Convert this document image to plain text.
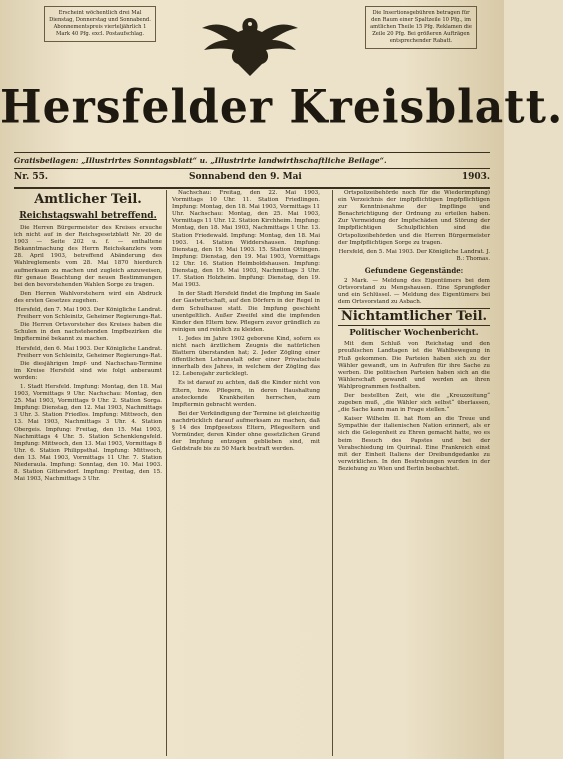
Erscheint wöchentlich drei Mal Dienstag, Donnerstag und Sonnabend. Abonnementspreis vierteljährlich 1 Mark 40 Pfg. excl. Postaufschlag.
Die Insertionsgebühren betragen für den Raum einer Spaltzeile 10 Pfg., im amtlichen Theile 15 Pfg. Reklamen die Zeile 20 Pfg. Bei größeren Aufträgen entsprechender Rabatt.
Hersfelder Kreisblatt.
Gratisbeilagen: „Illustrirtes Sonntagsblatt“ u. „Illustrirte landwirthschaftliche Beilage“.
Nr. 55.	Sonnabend den 9. Mai	1903.
Amtlicher Teil.
Reichstagswahl betreffend.

Die Herren Bürgermeister des Kreises ersuche ich nicht auf in der Reichsgesetzblatt Nr. 20 de 1903 — Seite 202 u. f. — enthaltene Bekanntmachung des Herrn Reichskanzlers vom 28. April 1903, betreffend Abänderung des Wahlreglements vom 28. Mai 1870 hierdurch aufmerksam zu machen und zugleich anzuweisen, für genaue Beachtung der neuen Bestimmungen bei den bevorstehenden Wahlen Sorge zu tragen.

Den Herren Wahlvorstehern wird ein Abdruck des ersten Gesetzes zugehen.

Hersfeld, den 7. Mai 1903. Der Königliche Landrat. Freiherr von Schleinitz, Geheimer Regierungs-Rat.

Die Herren Ortsvorsteher des Kreises haben die Schulen in den nachstehenden Impfbezirken die Impfterminé bekannt zu machen.

Hersfeld, den 6. Mai 1903. Der Königliche Landrat. Freiherr von Schleinitz, Geheimer Regierungs-Rat.

Die diesjährigen Impf- und Nachschau-Termine im Kreise Hersfeld sind wie folgt anberaumt worden:

1. Stadt Hersfeld. Impfung: Montag, den 18. Mai 1903, Vormittags 9 Uhr. Nachschau: Montag, den 25. Mai 1903, Vormittags 9 Uhr. 2. Station Sorga. Impfung: Dienstag, den 12. Mai 1903, Nachmittags 3 Uhr. 3. Station Friedlos. Impfung: Mittwoch, den 13. Mai 1903, Nachmittags 3 Uhr. 4. Station Obergeis. Impfung: Freitag, den 15. Mai 1903, Nachmittags 4 Uhr. 5. Station Schenklengsfeld. Impfung: Mittwoch, den 13. Mai 1903, Vormittags 8 Uhr. 6. Station Philippsthal. Impfung: Mittwoch, den 13. Mai 1903, Vormittags 11 Uhr. 7. Station Niederaula. Impfung: Sonntag, den 10. Mai 1903. 8. Station Gittersdorf. Impfung: Freitag, den 15. Mai 1903, Nachmittags 3 Uhr.

Nachschau: Freitag, den 22. Mai 1903, Vormittags 10 Uhr. 11. Station Friedlingen. Impfung: Montag, den 18. Mai 1903, Vormittags 11 Uhr. Nachschau: Montag, den 25. Mai 1903, Vormittags 11 Uhr. 12. Station Kirchheim. Impfung: Montag, den 18. Mai 1903, Nachmittags 1 Uhr. 13. Station Friedewald. Impfung: Montag, den 18. Mai 1903. 14. Station Widdershausen. Impfung: Dienstag, den 19. Mai 1903. 15. Station Ottingen. Impfung: Dienstag, den 19. Mai 1903, Vormittags 12 Uhr. 16. Station Heimboldshausen. Impfung: Dienstag, den 19. Mai 1903, Nachmittags 3 Uhr. 17. Station Holzheim. Impfung: Dienstag, den 19. Mai 1903.

In der Stadt Hersfeld findet die Impfung im Saale der Gastwirtschaft, auf den Dörfern in der Regel in dem Schulhause statt. Die Impfung geschieht unentgeltlich. Außer Zweifel sind die impfenden Kinder den Eltern bzw. Pflegern zuvor gründlich zu reinigen und reinlich zu kleiden.

1. Jedes im Jahre 1902 geborene Kind, sofern es nicht nach ärztlichem Zeugnis die natürlichen Blattern überstanden hat; 2. Jeder Zögling einer öffentlichen Lehranstalt oder einer Privatschule innerhalb des Jahres, in welchem der Zögling das 12. Lebensjahr zurücklegt.

Es ist darauf zu achten, daß die Kinder nicht von Eltern, bzw. Pflegern, in deren Haushaltung ansteckende Krankheiten herrschen, zum Impftermin gebracht werden.

Bei der Verkündigung der Termine ist gleichzeitig nachdrücklich darauf aufmerksam zu machen, daß § 14 des Impfgesetzes Eltern, Pflegeeltern und Vormünder, deren Kinder ohne gesetzlichen Grund der Impfung entzogen geblieben sind, mit Geldstrafe bis zu 50 Mark bestraft werden.

Ortspolizeibehörde noch für die Wiederimpfung) ein Verzeichnis der impfpflichtigen Impfpflichtigen zur Kenntnisnahme der Impflinge und Benachrichtigung der Ordnung zu erteilen haben. Zur Vermeidung der Impfschäden und Störung der Impfpflichtigen Schulpflichten sind die Ortspolizeibehörden und die Herren Bürgermeister der Impfpflichtigen Sorge zu tragen.

Hersfeld, den 5. Mai 1903. Der Königliche Landrat. J. B.: Thomas.
Gefundene Gegenstände:

2 Mark. — Meldung des Eigentümers bei dem Ortsvorstand zu Mengshausen. Eine Sprungfeder und ein Schlüssel. — Meldung des Eigentümers bei dem Ortsvorstand zu Asbach.

Nichtamtlicher Teil.
Politischer Wochenbericht.

Mit dem Schluß von Reichstag und den preußischen Landtagen ist die Wahlbewegung in Fluß gekommen. Die Parteien haben sich zu der Wähler gewandt, um in Aufrufen für ihre Sache zu werben. Die politischen Parteien haben sich an die Wählerschaft gewandt und werden an ihren Wahlprogrammen festhalten.

Der bestellten Zeit, wie die „Kreuzzeitung“ zugeben muß, „die Wähler sich selbst“ überlassen, „die Sache kann man in Frage stellen.“

Kaiser Wilhelm II. hat Rom an die Treue und Sympathie der italienischen Nation erinnert, als er sich die Gelegenheit zu Ehren gemacht hatte, wo es beim Besuch des Papstes und bei der Verabschiedung im Quirinal. Eine Frankreich einst mit der Einheit Italiens der Dreibundgedanke zu verwirklichen. In den Bestrebungen wurden in der Beziehung zu Wien und Berlin beobachtet.
